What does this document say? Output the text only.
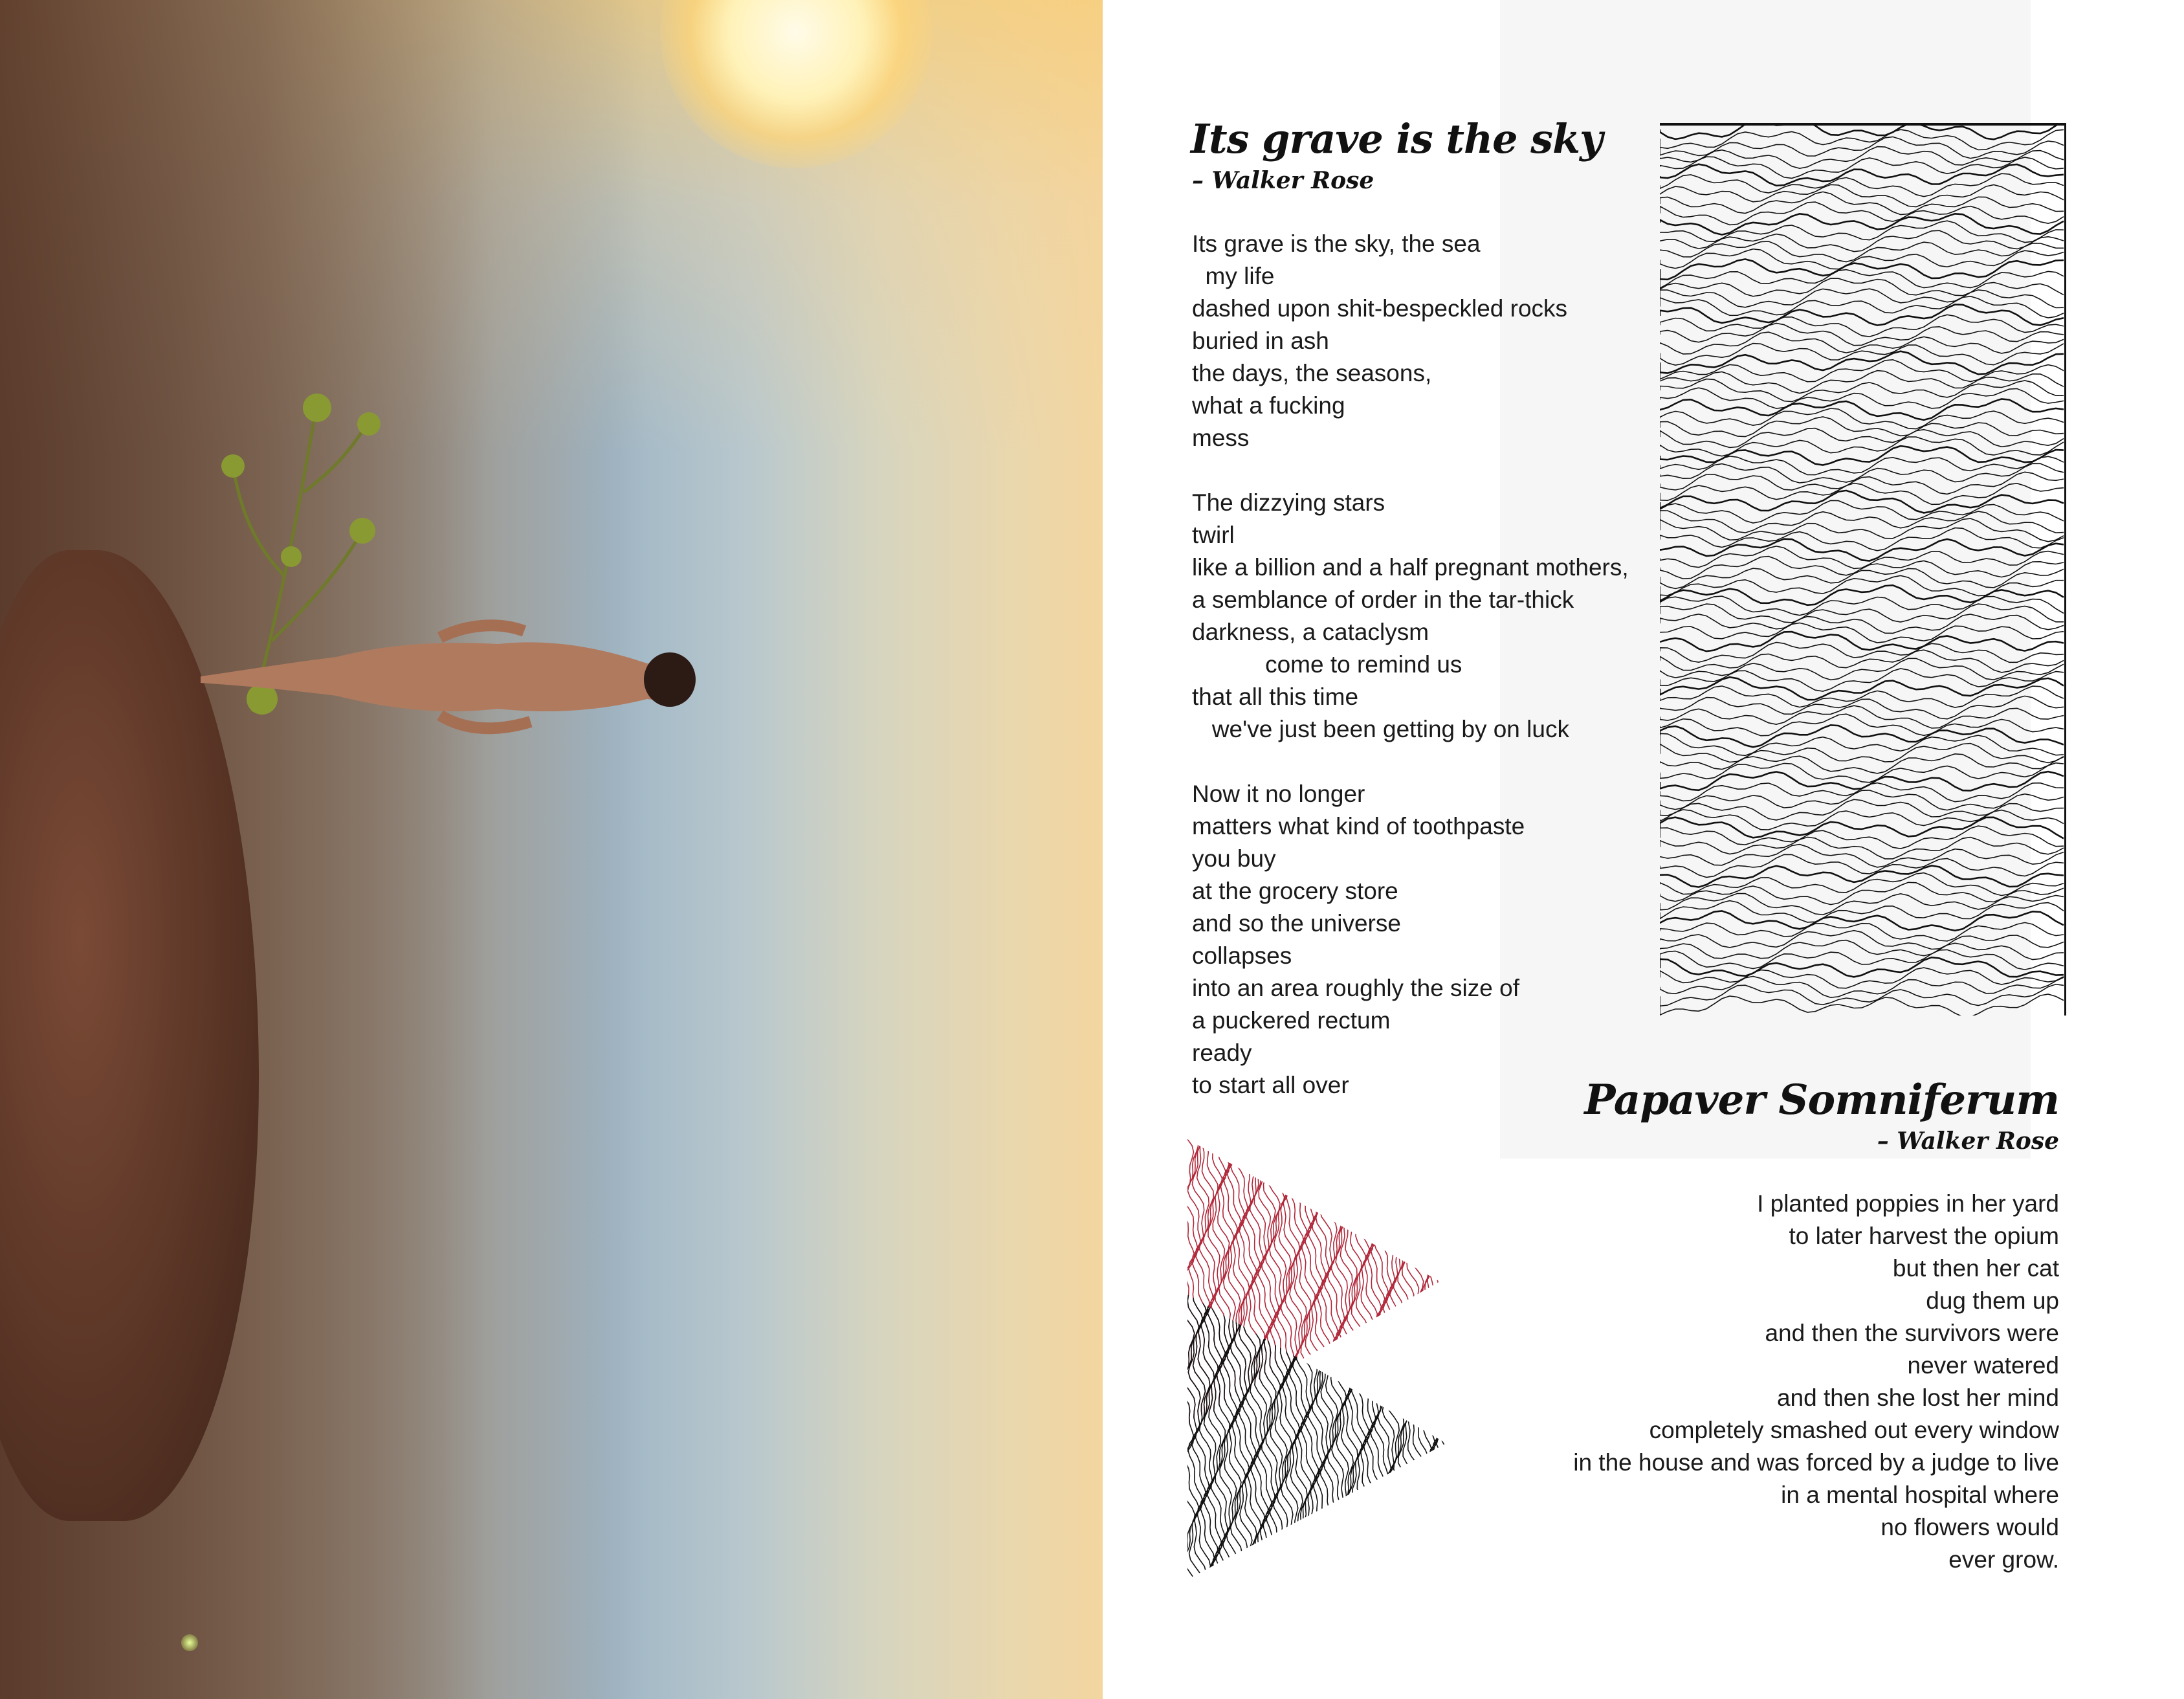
Its grave is the sky
– Walker Rose
Its grave is the sky, the sea
my life
dashed upon shit-bespeckled rocks
buried in ash
the days, the seasons,
what a fucking
mess

The dizzying stars
twirl
like a billion and a half pregnant mothers,
a semblance of order in the tar-thick
darkness, a cataclysm
come to remind us
that all this time
we've just been getting by on luck

Now it no longer
matters what kind of toothpaste
you buy
at the grocery store
and so the universe
collapses
into an area roughly the size of
a puckered rectum
ready
to start all over	Papaver Somniferum
– Walker Rose
I planted poppies in her yard
to later harvest the opium
but then her cat
dug them up
and then the survivors were
never watered
and then she lost her mind
completely smashed out every window
in the house and was forced by a judge to live
in a mental hospital where
no flowers would
ever grow.
